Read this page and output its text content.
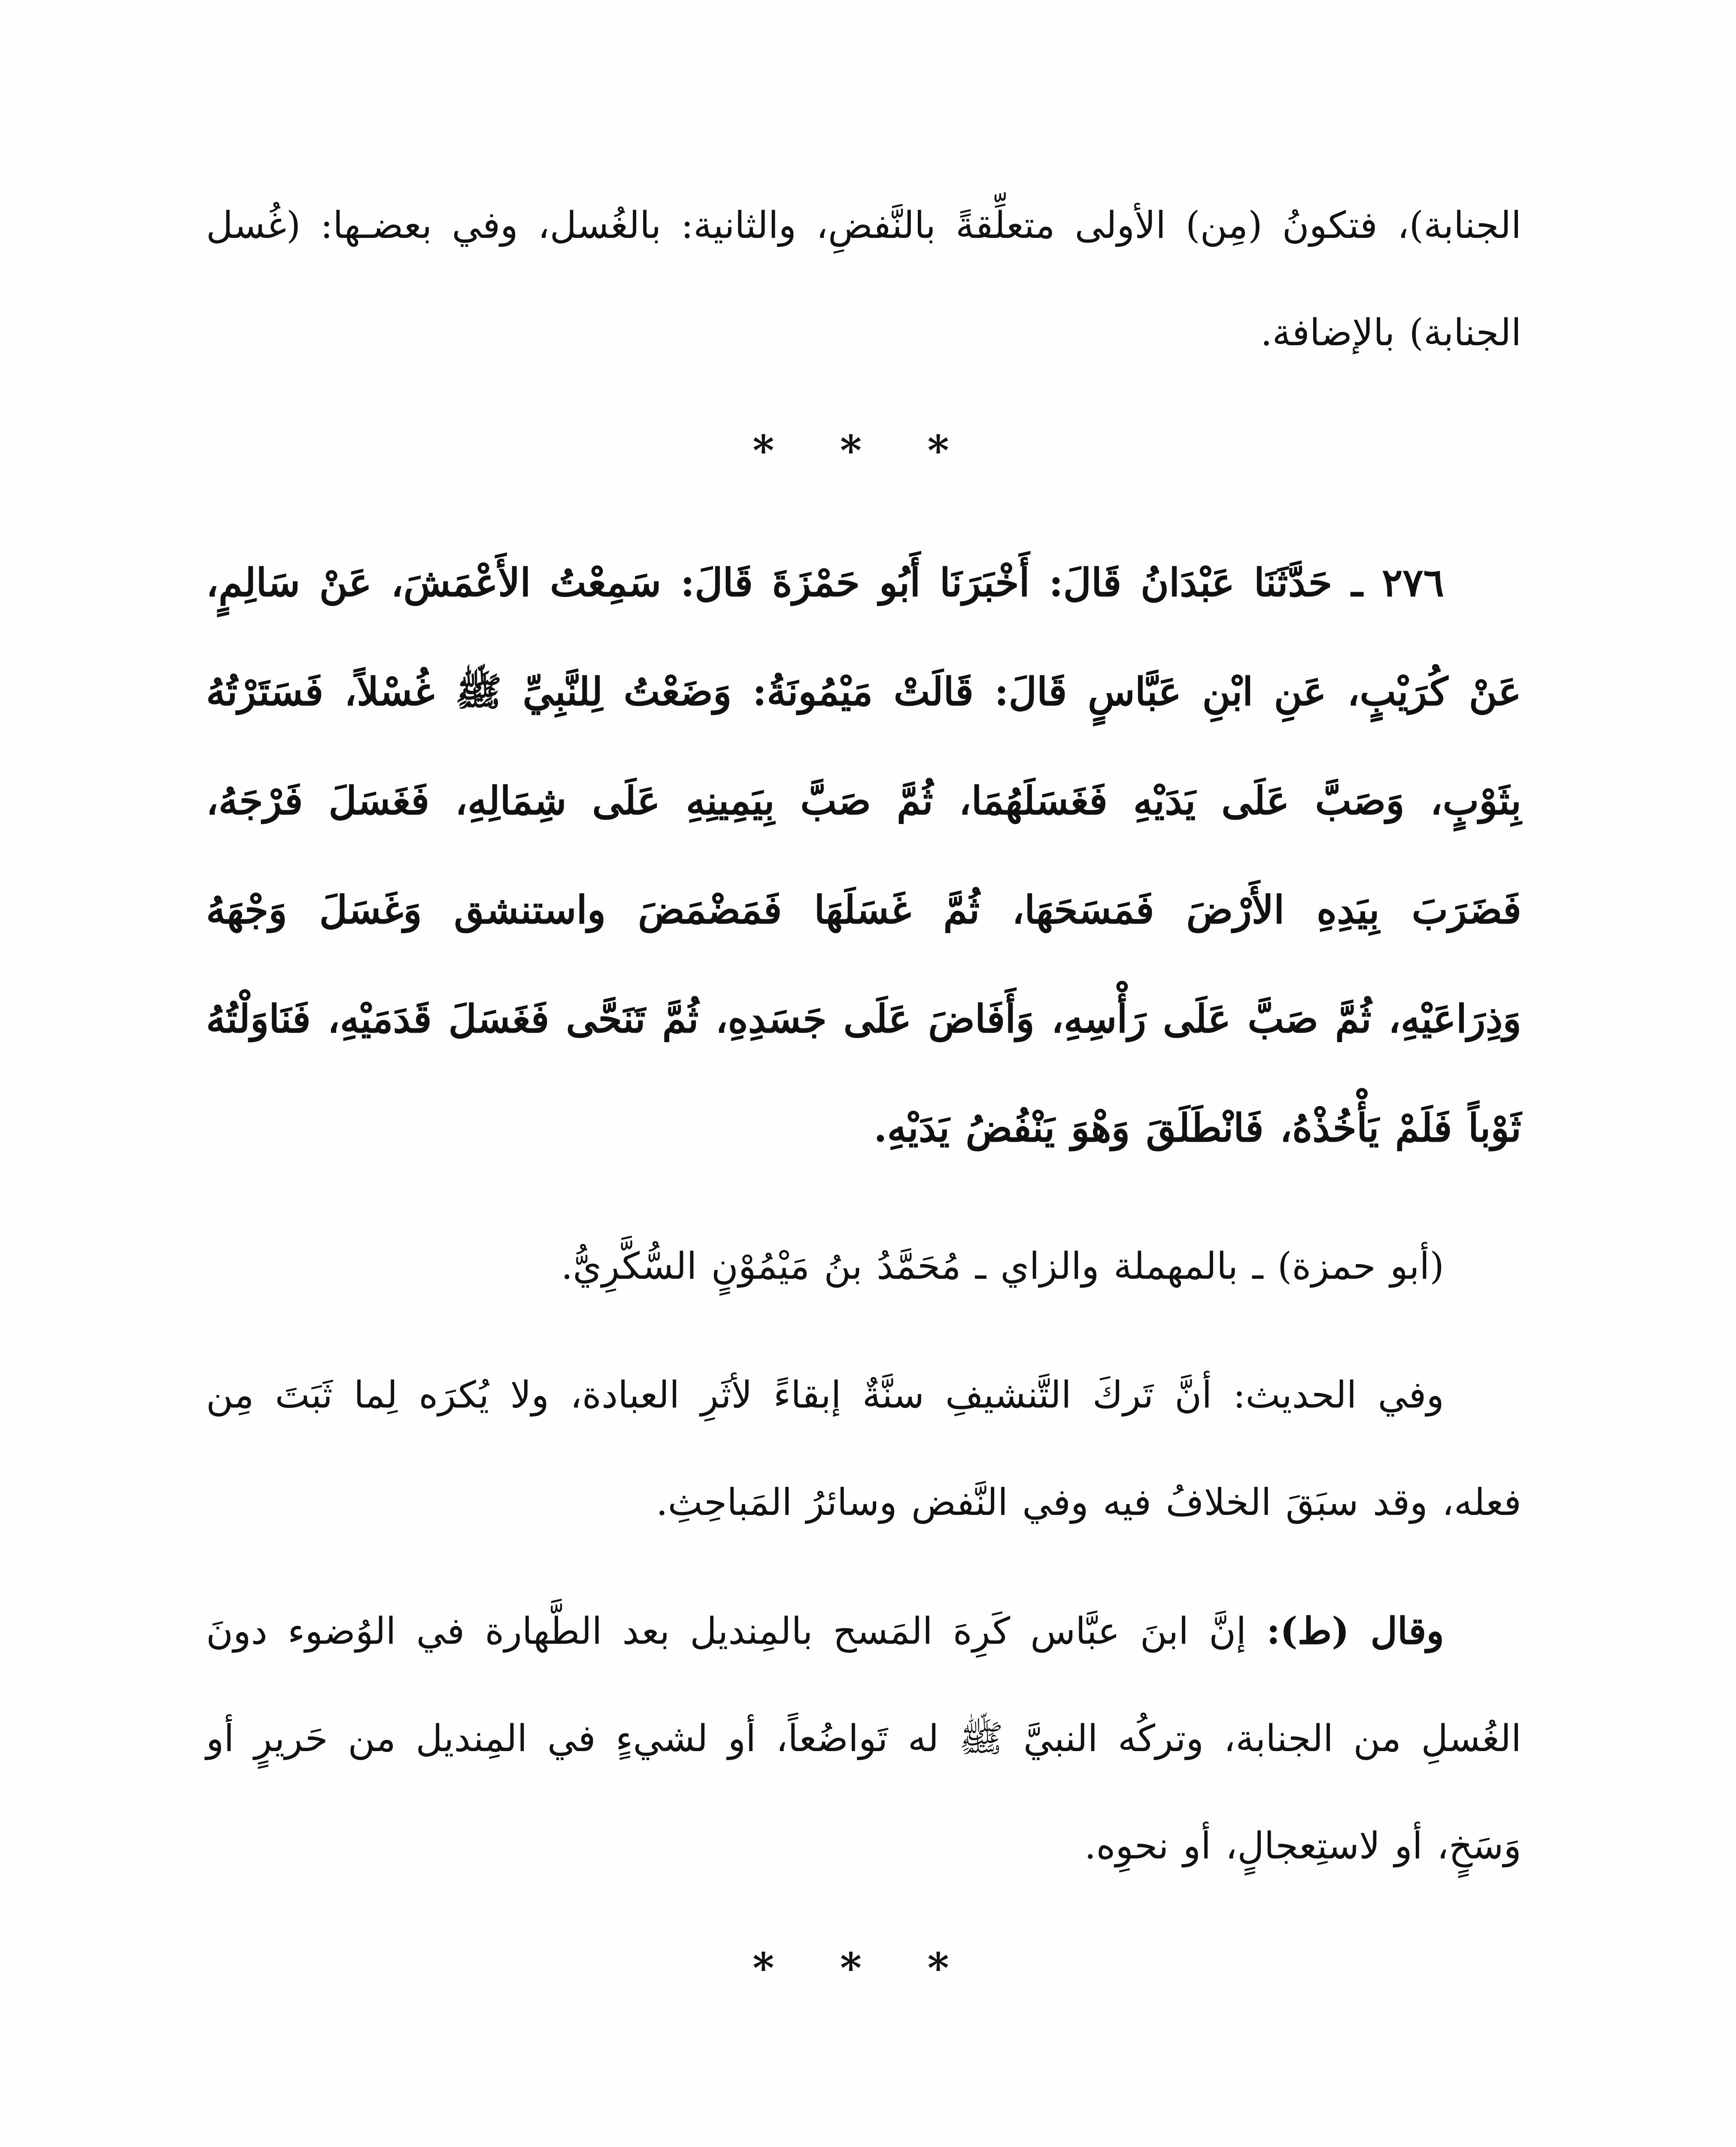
الجنابة)، فتكونُ (مِن) الأولى متعلِّقةً بالنَّفضِ، والثانية: بالغُسل، وفي بعضـها: (غُسل الجنابة) بالإضافة.

* * *

٢٧٦ ـ حَدَّثَنَا عَبْدَانُ قَالَ: أَخْبَرَنَا أَبُو حَمْزَةَ قَالَ: سَمِعْتُ الأَعْمَشَ، عَنْ سَالِمٍ، عَنْ كُرَيْبٍ، عَنِ ابْنِ عَبَّاسٍ قَالَ: قَالَتْ مَيْمُونَةُ: وَضَعْتُ لِلنَّبِيِّ ﷺ غُسْلاً، فَسَتَرْتُهُ بِثَوْبٍ، وَصَبَّ عَلَى يَدَيْهِ فَغَسَلَهُمَا، ثُمَّ صَبَّ بِيَمِينِهِ عَلَى شِمَالِهِ، فَغَسَلَ فَرْجَهُ، فَضَرَبَ بِيَدِهِ الأَرْضَ فَمَسَحَهَا، ثُمَّ غَسَلَهَا فَمَضْمَضَ واستنشق وَغَسَلَ وَجْهَهُ وَذِرَاعَيْهِ، ثُمَّ صَبَّ عَلَى رَأْسِهِ، وَأَفَاضَ عَلَى جَسَدِهِ، ثُمَّ تَنَحَّى فَغَسَلَ قَدَمَيْهِ، فَنَاوَلْتُهُ ثَوْباً فَلَمْ يَأْخُذْهُ، فَانْطَلَقَ وَهْوَ يَنْفُضُ يَدَيْهِ.

(أبو حمزة) ـ بالمهملة والزاي ـ مُحَمَّدُ بنُ مَيْمُوْنٍ السُّكَّرِيُّ.

وفي الحديث: أنَّ تَركَ التَّنشيفِ سنَّةٌ إبقاءً لأثَرِ العبادة، ولا يُكرَه لِما ثَبَتَ مِن فعله، وقد سبَقَ الخلافُ فيه وفي النَّفض وسائرُ المَباحِثِ.

وقال (ط): إنَّ ابنَ عبَّاس كَرِهَ المَسح بالمِنديل بعد الطَّهارة في الوُضوء دونَ الغُسلِ من الجنابة، وتركُه النبيَّ ﷺ له تَواضُعاً، أو لشيءٍ في المِنديل من حَريرٍ أو وَسَخٍ، أو لاستِعجالٍ، أو نحوِه.

* * *
